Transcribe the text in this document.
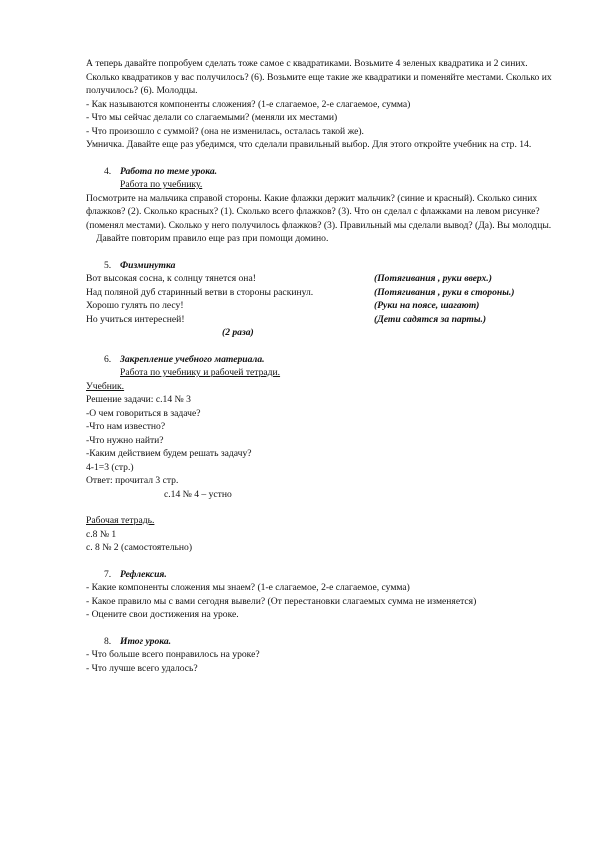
А теперь давайте попробуем сделать тоже самое с квадратиками. Возьмите 4 зеленых квадратика и 2 синих. Сколько квадратиков у вас получилось? (6). Возьмите еще такие же квадратики и поменяйте местами. Сколько их получилось? (6). Молодцы.

- Как называются компоненты сложения? (1-е слагаемое, 2-е слагаемое, сумма)

- Что мы сейчас делали со слагаемыми? (меняли их местами)

- Что произошло с суммой? (она не изменилась, осталась такой же).

Умничка. Давайте еще раз убедимся, что сделали правильный выбор. Для этого откройте учебник на стр. 14.

4. Работа по теме урока.

Работа по учебнику.

Посмотрите на мальчика справой стороны. Какие флажки держит мальчик? (синие и красный). Сколько синих флажков? (2). Сколько красных? (1). Сколько всего флажков? (3). Что он сделал с флажками на левом рисунке? (поменял местами). Сколько у него получилось флажков? (3). Правильный мы сделали вывод? (Да). Вы молодцы.

Давайте повторим правило еще раз при помощи домино.

5. Физминутка

Вот высокая сосна, к солнцу тянется она!	(Потягивания , руки вверх.)
Над поляной дуб старинный ветви в стороны раскинул.	(Потягивания , руки в стороны.)
Хорошо гулять по лесу!	(Руки на поясе, шагают)
Но учиться интересней!	(Дети садятся за парты.)

(2 раза)

6. Закрепление учебного материала.

Работа по учебнику и рабочей тетради.

Учебник.

Решение задачи: с.14 № 3

-О чем говориться в задаче?

-Что нам известно?

-Что нужно найти?

-Каким действием будем решать задачу?

4-1=3 (стр.)

Ответ: прочитал 3 стр.

с.14 № 4 – устно

Рабочая тетрадь.

с.8 № 1

с. 8 № 2 (самостоятельно)

7. Рефлексия.

- Какие компоненты сложения мы знаем? (1-е слагаемое, 2-е слагаемое, сумма)

- Какое правило мы с вами сегодня вывели? (От перестановки слагаемых сумма не изменяется)

- Оцените свои достижения на уроке.

8. Итог урока.

- Что больше всего понравилось на уроке?

- Что лучше всего удалось?
